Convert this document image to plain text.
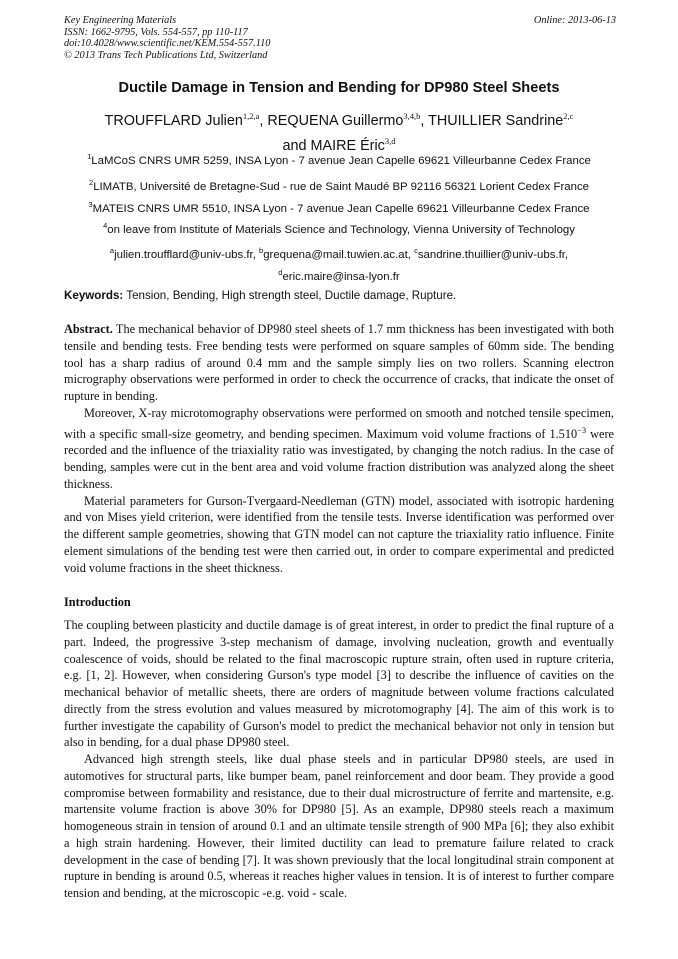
Key Engineering Materials
ISSN: 1662-9795, Vols. 554-557, pp 110-117
doi:10.4028/www.scientific.net/KEM.554-557.110
© 2013 Trans Tech Publications Ltd, Switzerland
Online: 2013-06-13
Ductile Damage in Tension and Bending for DP980 Steel Sheets
TROUFFLARD Julien$^{1,2,a}$, REQUENA Guillermo$^{3,4,b}$, THUILLIER Sandrine$^{2,c}$
and MAIRE Éric$^{3,d}$
$^1$LaMCoS CNRS UMR 5259, INSA Lyon - 7 avenue Jean Capelle 69621 Villeurbanne Cedex France
$^2$LIMATB, Université de Bretagne-Sud - rue de Saint Maudé BP 92116 56321 Lorient Cedex France
$^3$MATEIS CNRS UMR 5510, INSA Lyon - 7 avenue Jean Capelle 69621 Villeurbanne Cedex France
$^4$on leave from Institute of Materials Science and Technology, Vienna University of Technology
$^a$julien.troufflard@univ-ubs.fr, $^b$grequena@mail.tuwien.ac.at, $^c$sandrine.thuillier@univ-ubs.fr,
$^d$eric.maire@insa-lyon.fr
Keywords: Tension, Bending, High strength steel, Ductile damage, Rupture.

Abstract. The mechanical behavior of DP980 steel sheets of 1.7 mm thickness has been investigated with both tensile and bending tests. Free bending tests were performed on square samples of 60mm side. The bending tool has a sharp radius of around 0.4 mm and the sample simply lies on two rollers. Scanning electron micrography observations were performed in order to check the occurrence of cracks, that indicate the onset of rupture in bending.

Moreover, X-ray microtomography observations were performed on smooth and notched tensile specimen, with a specific small-size geometry, and bending specimen. Maximum void volume fractions of $1.510^{-3}$ were recorded and the influence of the triaxiality ratio was investigated, by changing the notch radius. In the case of bending, samples were cut in the bent area and void volume fraction distribution was analyzed along the sheet thickness.

Material parameters for Gurson-Tvergaard-Needleman (GTN) model, associated with isotropic hardening and von Mises yield criterion, were identified from the tensile tests. Inverse identification was performed over the different sample geometries, showing that GTN model can not capture the triaxiality ratio influence. Finite element simulations of the bending test were then carried out, in order to compare experimental and predicted void volume fractions in the sheet thickness.

Introduction

The coupling between plasticity and ductile damage is of great interest, in order to predict the final rupture of a part. Indeed, the progressive 3-step mechanism of damage, involving nucleation, growth and eventually coalescence of voids, should be related to the final macroscopic rupture strain, often used in rupture criteria, e.g. [1, 2]. However, when considering Gurson's type model [3] to describe the influence of cavities on the mechanical behavior of metallic sheets, there are orders of magnitude between volume fractions calculated directly from the stress evolution and values measured by microtomography [4]. The aim of this work is to further investigate the capability of Gurson's model to predict the mechanical behavior not only in tension but also in bending, for a dual phase DP980 steel.

Advanced high strength steels, like dual phase steels and in particular DP980 steels, are used in automotives for structural parts, like bumper beam, panel reinforcement and door beam. They provide a good compromise between formability and resistance, due to their dual microstructure of ferrite and martensite, e.g. martensite volume fraction is above 30% for DP980 [5]. As an example, DP980 steels reach a maximum homogeneous strain in tension of around 0.1 and an ultimate tensile strength of 900 MPa [6]; they also exhibit a high strain hardening. However, their limited ductility can lead to premature failure related to crack development in the case of bending [7]. It was shown previously that the local longitudinal strain component at rupture in bending is around 0.5, whereas it reaches higher values in tension. It is of interest to further compare tension and bending, at the microscopic -e.g. void - scale.
